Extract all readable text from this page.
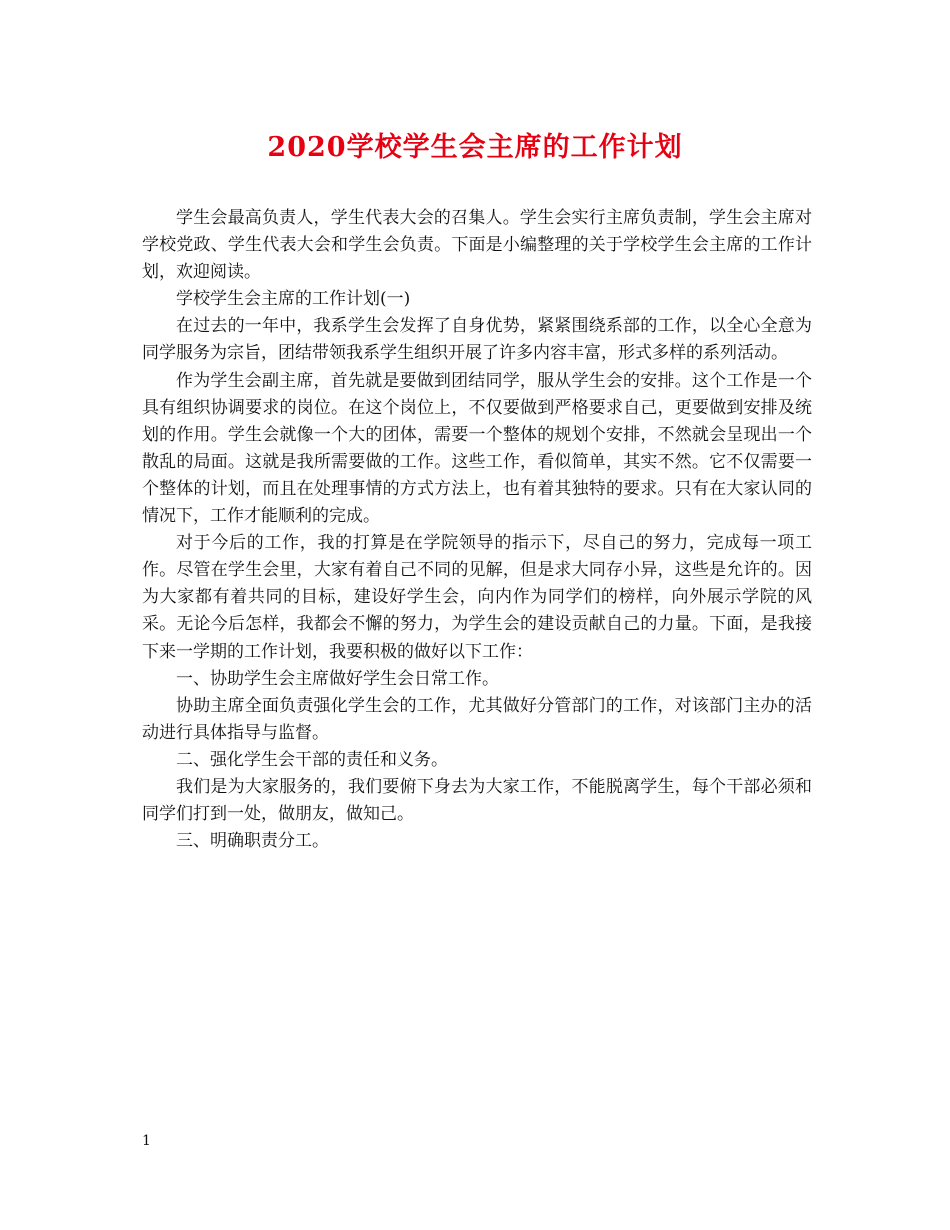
2020学校学生会主席的工作计划

学生会最高负责人，学生代表大会的召集人。学生会实行主席负责制，学生会主席对学校党政、学生代表大会和学生会负责。下面是小编整理的关于学校学生会主席的工作计划，欢迎阅读。

学校学生会主席的工作计划(一)

在过去的一年中，我系学生会发挥了自身优势，紧紧围绕系部的工作，以全心全意为同学服务为宗旨，团结带领我系学生组织开展了许多内容丰富，形式多样的系列活动。

作为学生会副主席，首先就是要做到团结同学，服从学生会的安排。这个工作是一个具有组织协调要求的岗位。在这个岗位上，不仅要做到严格要求自己，更要做到安排及统划的作用。学生会就像一个大的团体，需要一个整体的规划个安排，不然就会呈现出一个散乱的局面。这就是我所需要做的工作。这些工作，看似简单，其实不然。它不仅需要一个整体的计划，而且在处理事情的方式方法上，也有着其独特的要求。只有在大家认同的情况下，工作才能顺利的完成。

对于今后的工作，我的打算是在学院领导的指示下，尽自己的努力，完成每一项工作。尽管在学生会里，大家有着自己不同的见解，但是求大同存小异，这些是允许的。因为大家都有着共同的目标，建设好学生会，向内作为同学们的榜样，向外展示学院的风采。无论今后怎样，我都会不懈的努力，为学生会的建设贡献自己的力量。下面，是我接下来一学期的工作计划，我要积极的做好以下工作：

一、协助学生会主席做好学生会日常工作。

协助主席全面负责强化学生会的工作，尤其做好分管部门的工作，对该部门主办的活动进行具体指导与监督。

二、强化学生会干部的责任和义务。

我们是为大家服务的，我们要俯下身去为大家工作，不能脱离学生，每个干部必须和同学们打到一处，做朋友，做知己。

三、明确职责分工。

1
